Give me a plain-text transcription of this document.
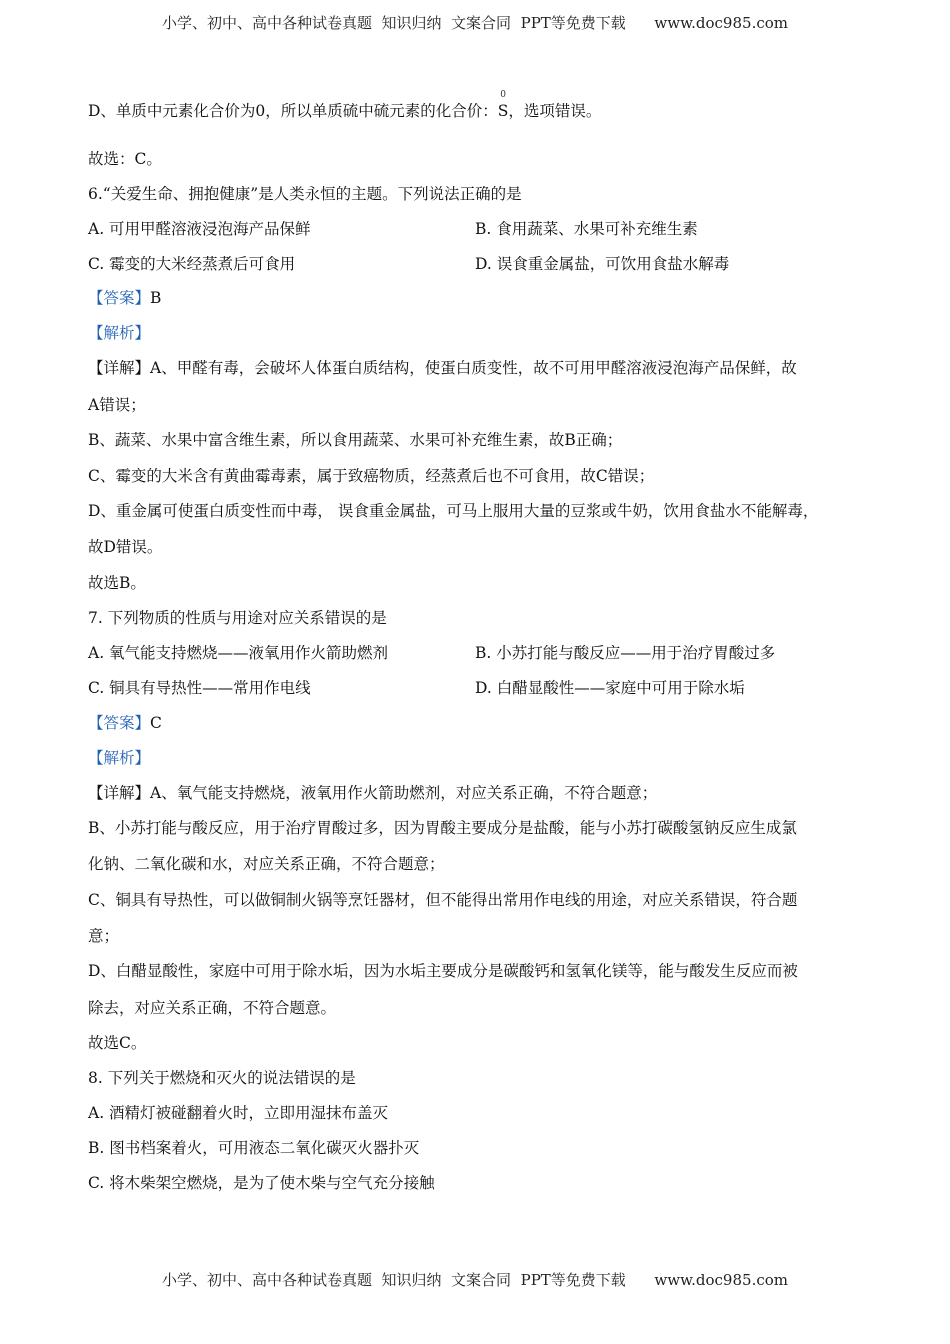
小学、初中、高中各种试卷真题  知识归纳  文案合同  PPT等免费下载      www.doc985.com
D、单质中元素化合价为0，所以单质硫中硫元素的化合价：
0
S，选项错误。
故选：C。
6.“关爱生命、拥抱健康”是人类永恒的主题。下列说法正确的是
A. 可用甲醛溶液浸泡海产品保鲜	B. 食用蔬菜、水果可补充维生素
C. 霉变的大米经蒸煮后可食用	D. 误食重金属盐，可饮用食盐水解毒
【答案】B
【解析】
【详解】A、甲醛有毒，会破坏人体蛋白质结构，使蛋白质变性，故不可用甲醛溶液浸泡海产品保鲜，故
A错误；
B、蔬菜、水果中富含维生素，所以食用蔬菜、水果可补充维生素，故B正确；
C、霉变的大米含有黄曲霉毒素，属于致癌物质，经蒸煮后也不可食用，故C错误；
D、重金属可使蛋白质变性而中毒， 误食重金属盐，可马上服用大量的豆浆或牛奶，饮用食盐水不能解毒，
故D错误。
故选B。
7. 下列物质的性质与用途对应关系错误的是
A. 氧气能支持燃烧——液氧用作火箭助燃剂	B. 小苏打能与酸反应——用于治疗胃酸过多
C. 铜具有导热性——常用作电线	D. 白醋显酸性——家庭中可用于除水垢
【答案】C
【解析】
【详解】A、氧气能支持燃烧，液氧用作火箭助燃剂，对应关系正确，不符合题意；
B、小苏打能与酸反应，用于治疗胃酸过多，因为胃酸主要成分是盐酸，能与小苏打碳酸氢钠反应生成氯
化钠、二氧化碳和水，对应关系正确，不符合题意；
C、铜具有导热性，可以做铜制火锅等烹饪器材，但不能得出常用作电线的用途，对应关系错误，符合题
意；
D、白醋显酸性，家庭中可用于除水垢，因为水垢主要成分是碳酸钙和氢氧化镁等，能与酸发生反应而被
除去，对应关系正确，不符合题意。
故选C。
8. 下列关于燃烧和灭火的说法错误的是
A. 酒精灯被碰翻着火时，立即用湿抹布盖灭
B. 图书档案着火，可用液态二氧化碳灭火器扑灭
C. 将木柴架空燃烧，是为了使木柴与空气充分接触
小学、初中、高中各种试卷真题  知识归纳  文案合同  PPT等免费下载      www.doc985.com
